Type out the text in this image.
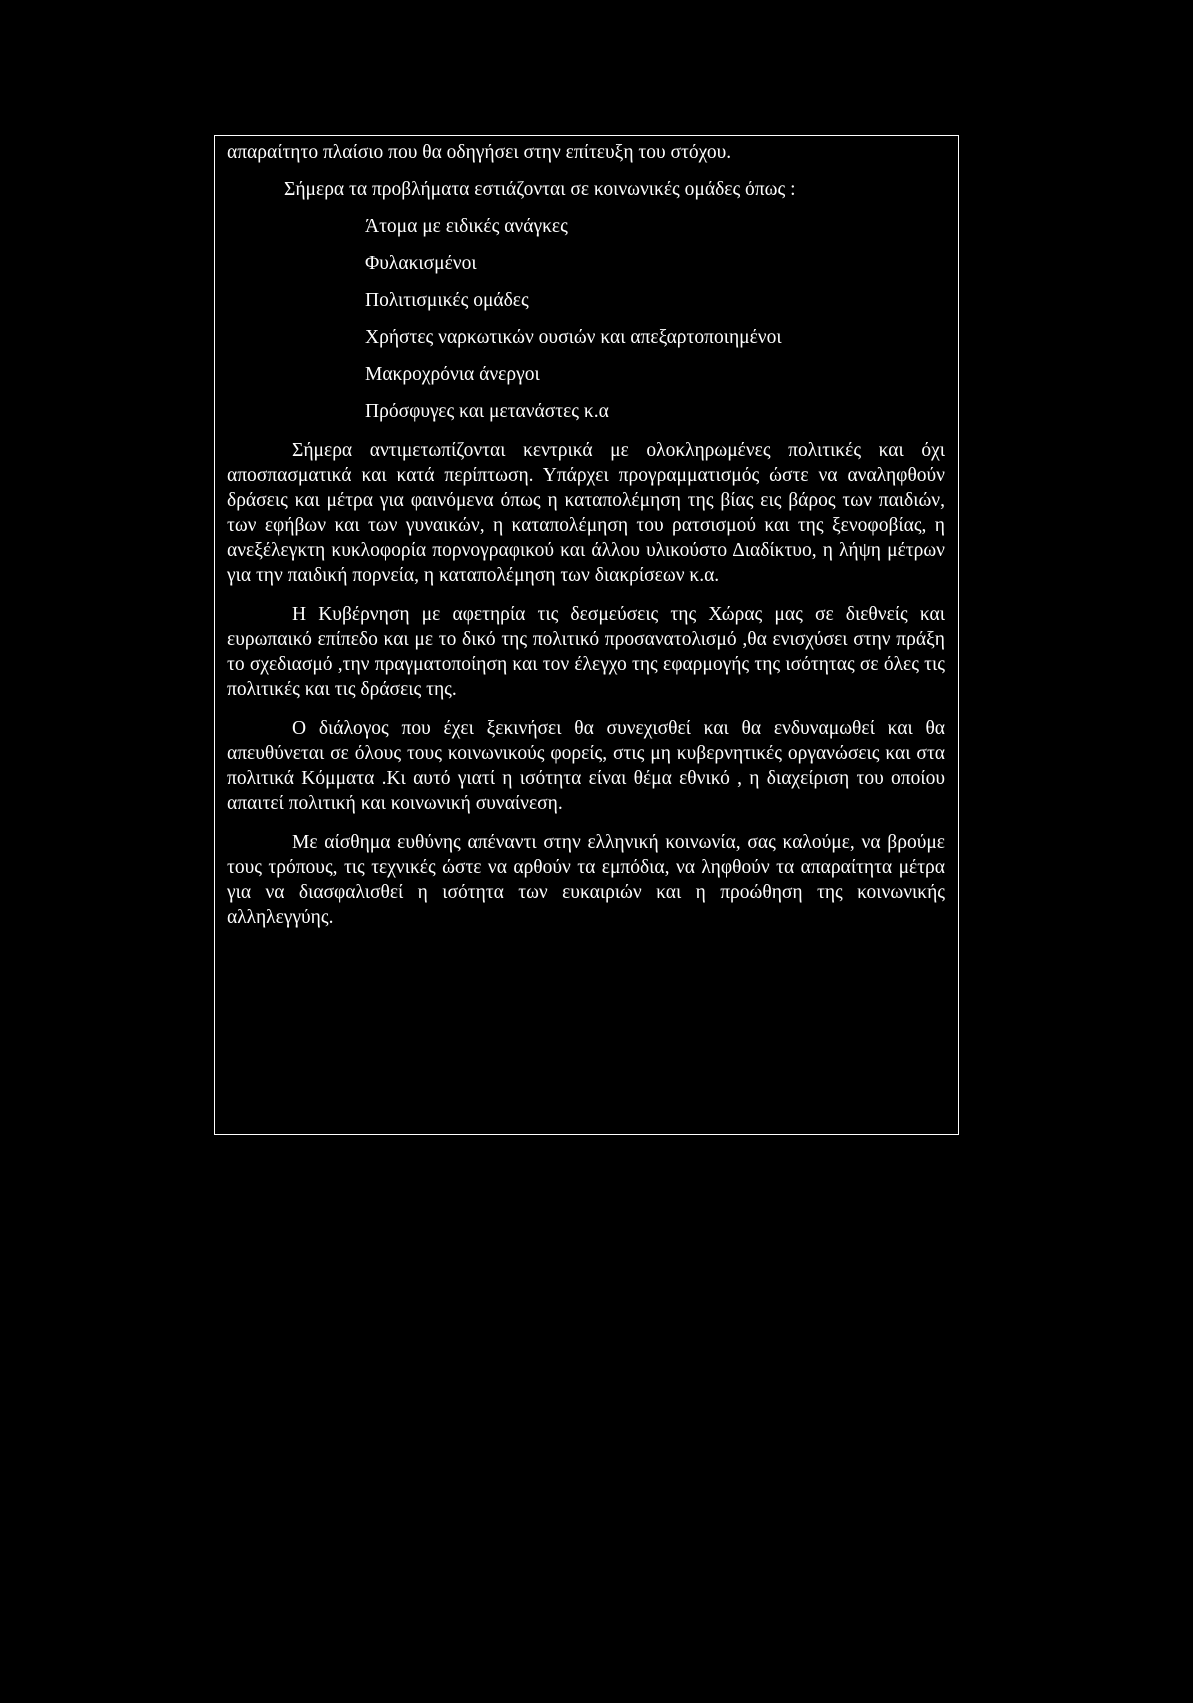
απαραίτητο πλαίσιο που θα οδηγήσει στην επίτευξη του στόχου.

Σήμερα τα προβλήματα εστιάζονται σε κοινωνικές ομάδες όπως :

Άτομα με ειδικές ανάγκες

Φυλακισμένοι

Πολιτισμικές ομάδες

Χρήστες ναρκωτικών ουσιών και απεξαρτοποιημένοι

Μακροχρόνια άνεργοι

Πρόσφυγες και μετανάστες κ.α

Σήμερα αντιμετωπίζονται κεντρικά με ολοκληρωμένες πολιτικές και όχι αποσπασματικά και κατά περίπτωση. Υπάρχει προγραμματισμός ώστε να αναληφθούν δράσεις και μέτρα για φαινόμενα όπως η καταπολέμηση της βίας εις βάρος των παιδιών, των εφήβων και των γυναικών, η καταπολέμηση του ρατσισμού και της ξενοφοβίας, η ανεξέλεγκτη κυκλοφορία πορνογραφικού και άλλου υλικούστο Διαδίκτυο, η λήψη μέτρων για την παιδική πορνεία, η καταπολέμηση των διακρίσεων κ.α.

Η Κυβέρνηση με αφετηρία τις δεσμεύσεις της Χώρας μας σε διεθνείς και ευρωπαικό επίπεδο και με το δικό της πολιτικό προσανατολισμό ,θα ενισχύσει στην πράξη το σχεδιασμό ,την πραγματοποίηση και τον έλεγχο της εφαρμογής της ισότητας σε όλες τις πολιτικές και τις δράσεις της.

Ο διάλογος που έχει ξεκινήσει θα συνεχισθεί και θα ενδυναμωθεί και θα απευθύνεται σε όλους τους κοινωνικούς φορείς, στις μη κυβερνητικές οργανώσεις και στα πολιτικά Κόμματα .Κι αυτό γιατί η ισότητα είναι θέμα εθνικό , η διαχείριση του οποίου απαιτεί πολιτική και κοινωνική συναίνεση.

Με αίσθημα ευθύνης απέναντι στην ελληνική κοινωνία, σας καλούμε, να βρούμε τους τρόπους, τις τεχνικές ώστε να αρθούν τα εμπόδια, να ληφθούν τα απαραίτητα μέτρα για να διασφαλισθεί η ισότητα των ευκαιριών και η προώθηση της κοινωνικής αλληλεγγύης.
